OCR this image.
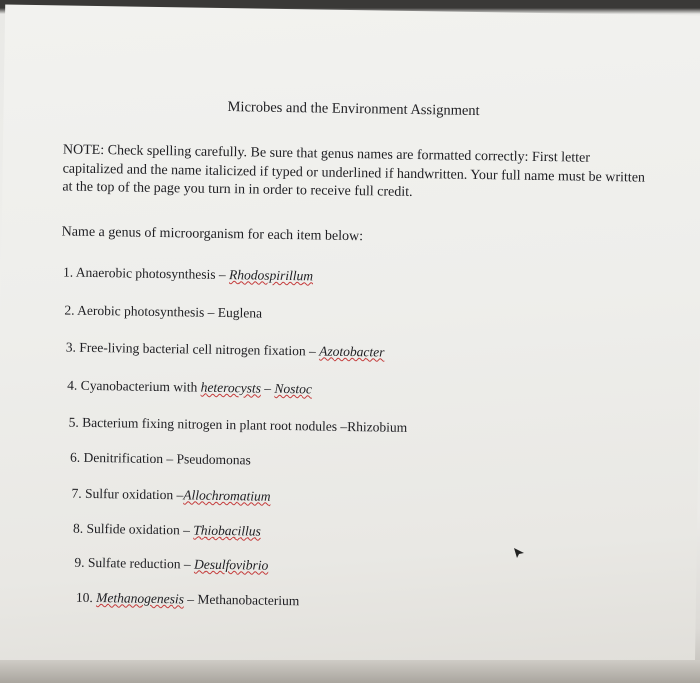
Microbes and the Environment Assignment
NOTE: Check spelling carefully. Be sure that genus names are formatted correctly: First letter capitalized and the name italicized if typed or underlined if handwritten. Your full name must be written at the top of the page you turn in in order to receive full credit.
Name a genus of microorganism for each item below:
1. Anaerobic photosynthesis – Rhodospirillum
2. Aerobic photosynthesis – Euglena
3. Free-living bacterial cell nitrogen fixation – Azotobacter
4. Cyanobacterium with heterocysts – Nostoc
5. Bacterium fixing nitrogen in plant root nodules –Rhizobium
6. Denitrification – Pseudomonas
7. Sulfur oxidation –Allochromatium
8. Sulfide oxidation – Thiobacillus
9. Sulfate reduction – Desulfovibrio
10. Methanogenesis – Methanobacterium
